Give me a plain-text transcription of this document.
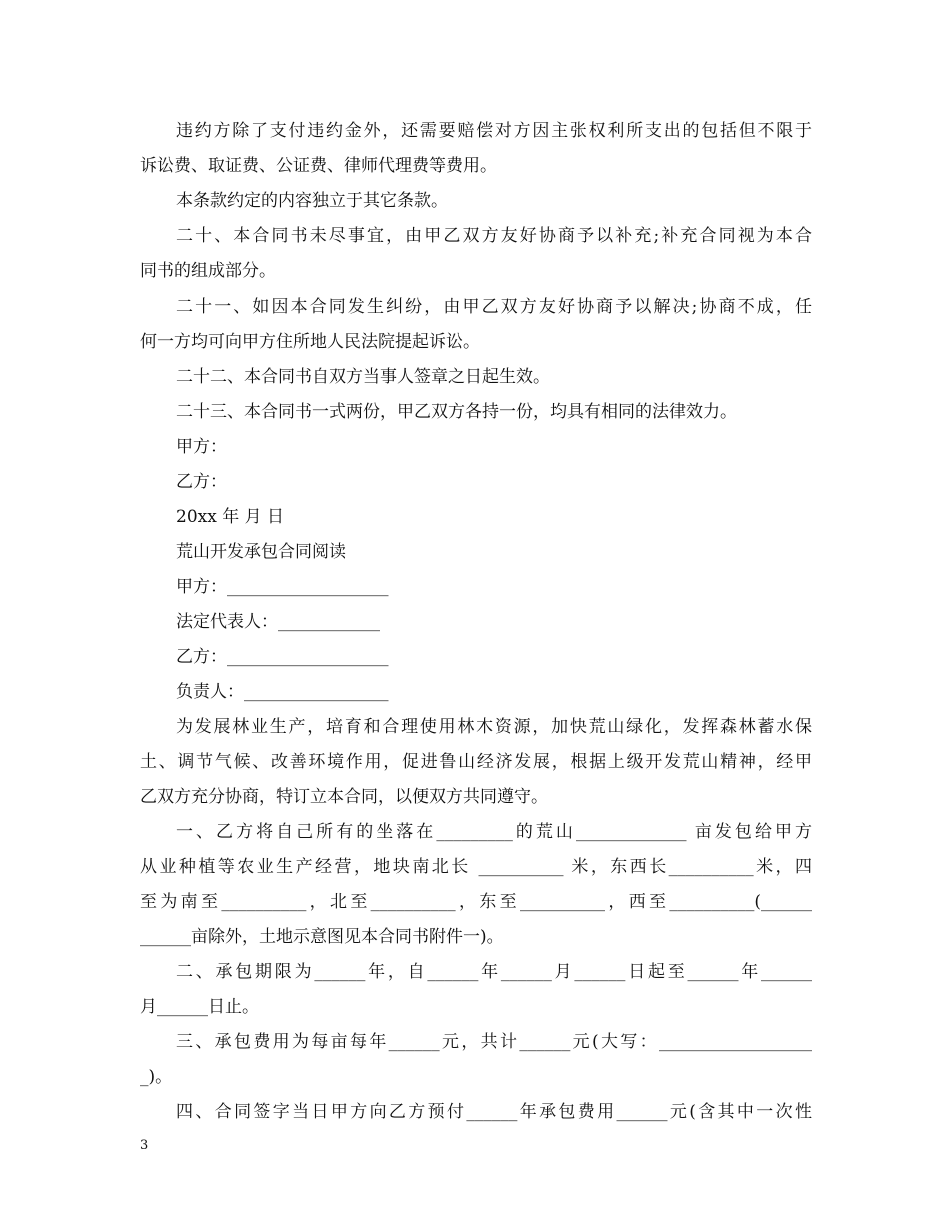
违约方除了支付违约金外，还需要赔偿对方因主张权利所支出的包括但不限于
诉讼费、取证费、公证费、律师代理费等费用。
本条款约定的内容独立于其它条款。
二十、本合同书未尽事宜，由甲乙双方友好协商予以补充;补充合同视为本合
同书的组成部分。
二十一、如因本合同发生纠纷，由甲乙双方友好协商予以解决;协商不成，任
何一方均可向甲方住所地人民法院提起诉讼。
二十二、本合同书自双方当事人签章之日起生效。
二十三、本合同书一式两份，甲乙双方各持一份，均具有相同的法律效力。
甲方：
乙方：
20xx 年 月 日
荒山开发承包合同阅读
甲方：___________________
法定代表人：____________
乙方：___________________
负责人：_________________
为发展林业生产，培育和合理使用林木资源，加快荒山绿化，发挥森林蓄水保
土、调节气候、改善环境作用，促进鲁山经济发展，根据上级开发荒山精神，经甲
乙双方充分协商，特订立本合同，以便双方共同遵守。
一、乙方将自己所有的坐落在_________的荒山_____________ 亩发包给甲方
从业种植等农业生产经营，地块南北长 __________ 米，东西长__________米，四
至为南至__________，北至__________，东至__________，西至__________(______
______亩除外，土地示意图见本合同书附件一)。
二、承包期限为______年，自______年______月______日起至______年______
月______日止。
三、承包费用为每亩每年______元，共计______元(大写：__________________
_)。
四、合同签字当日甲方向乙方预付______年承包费用______元(含其中一次性
3
